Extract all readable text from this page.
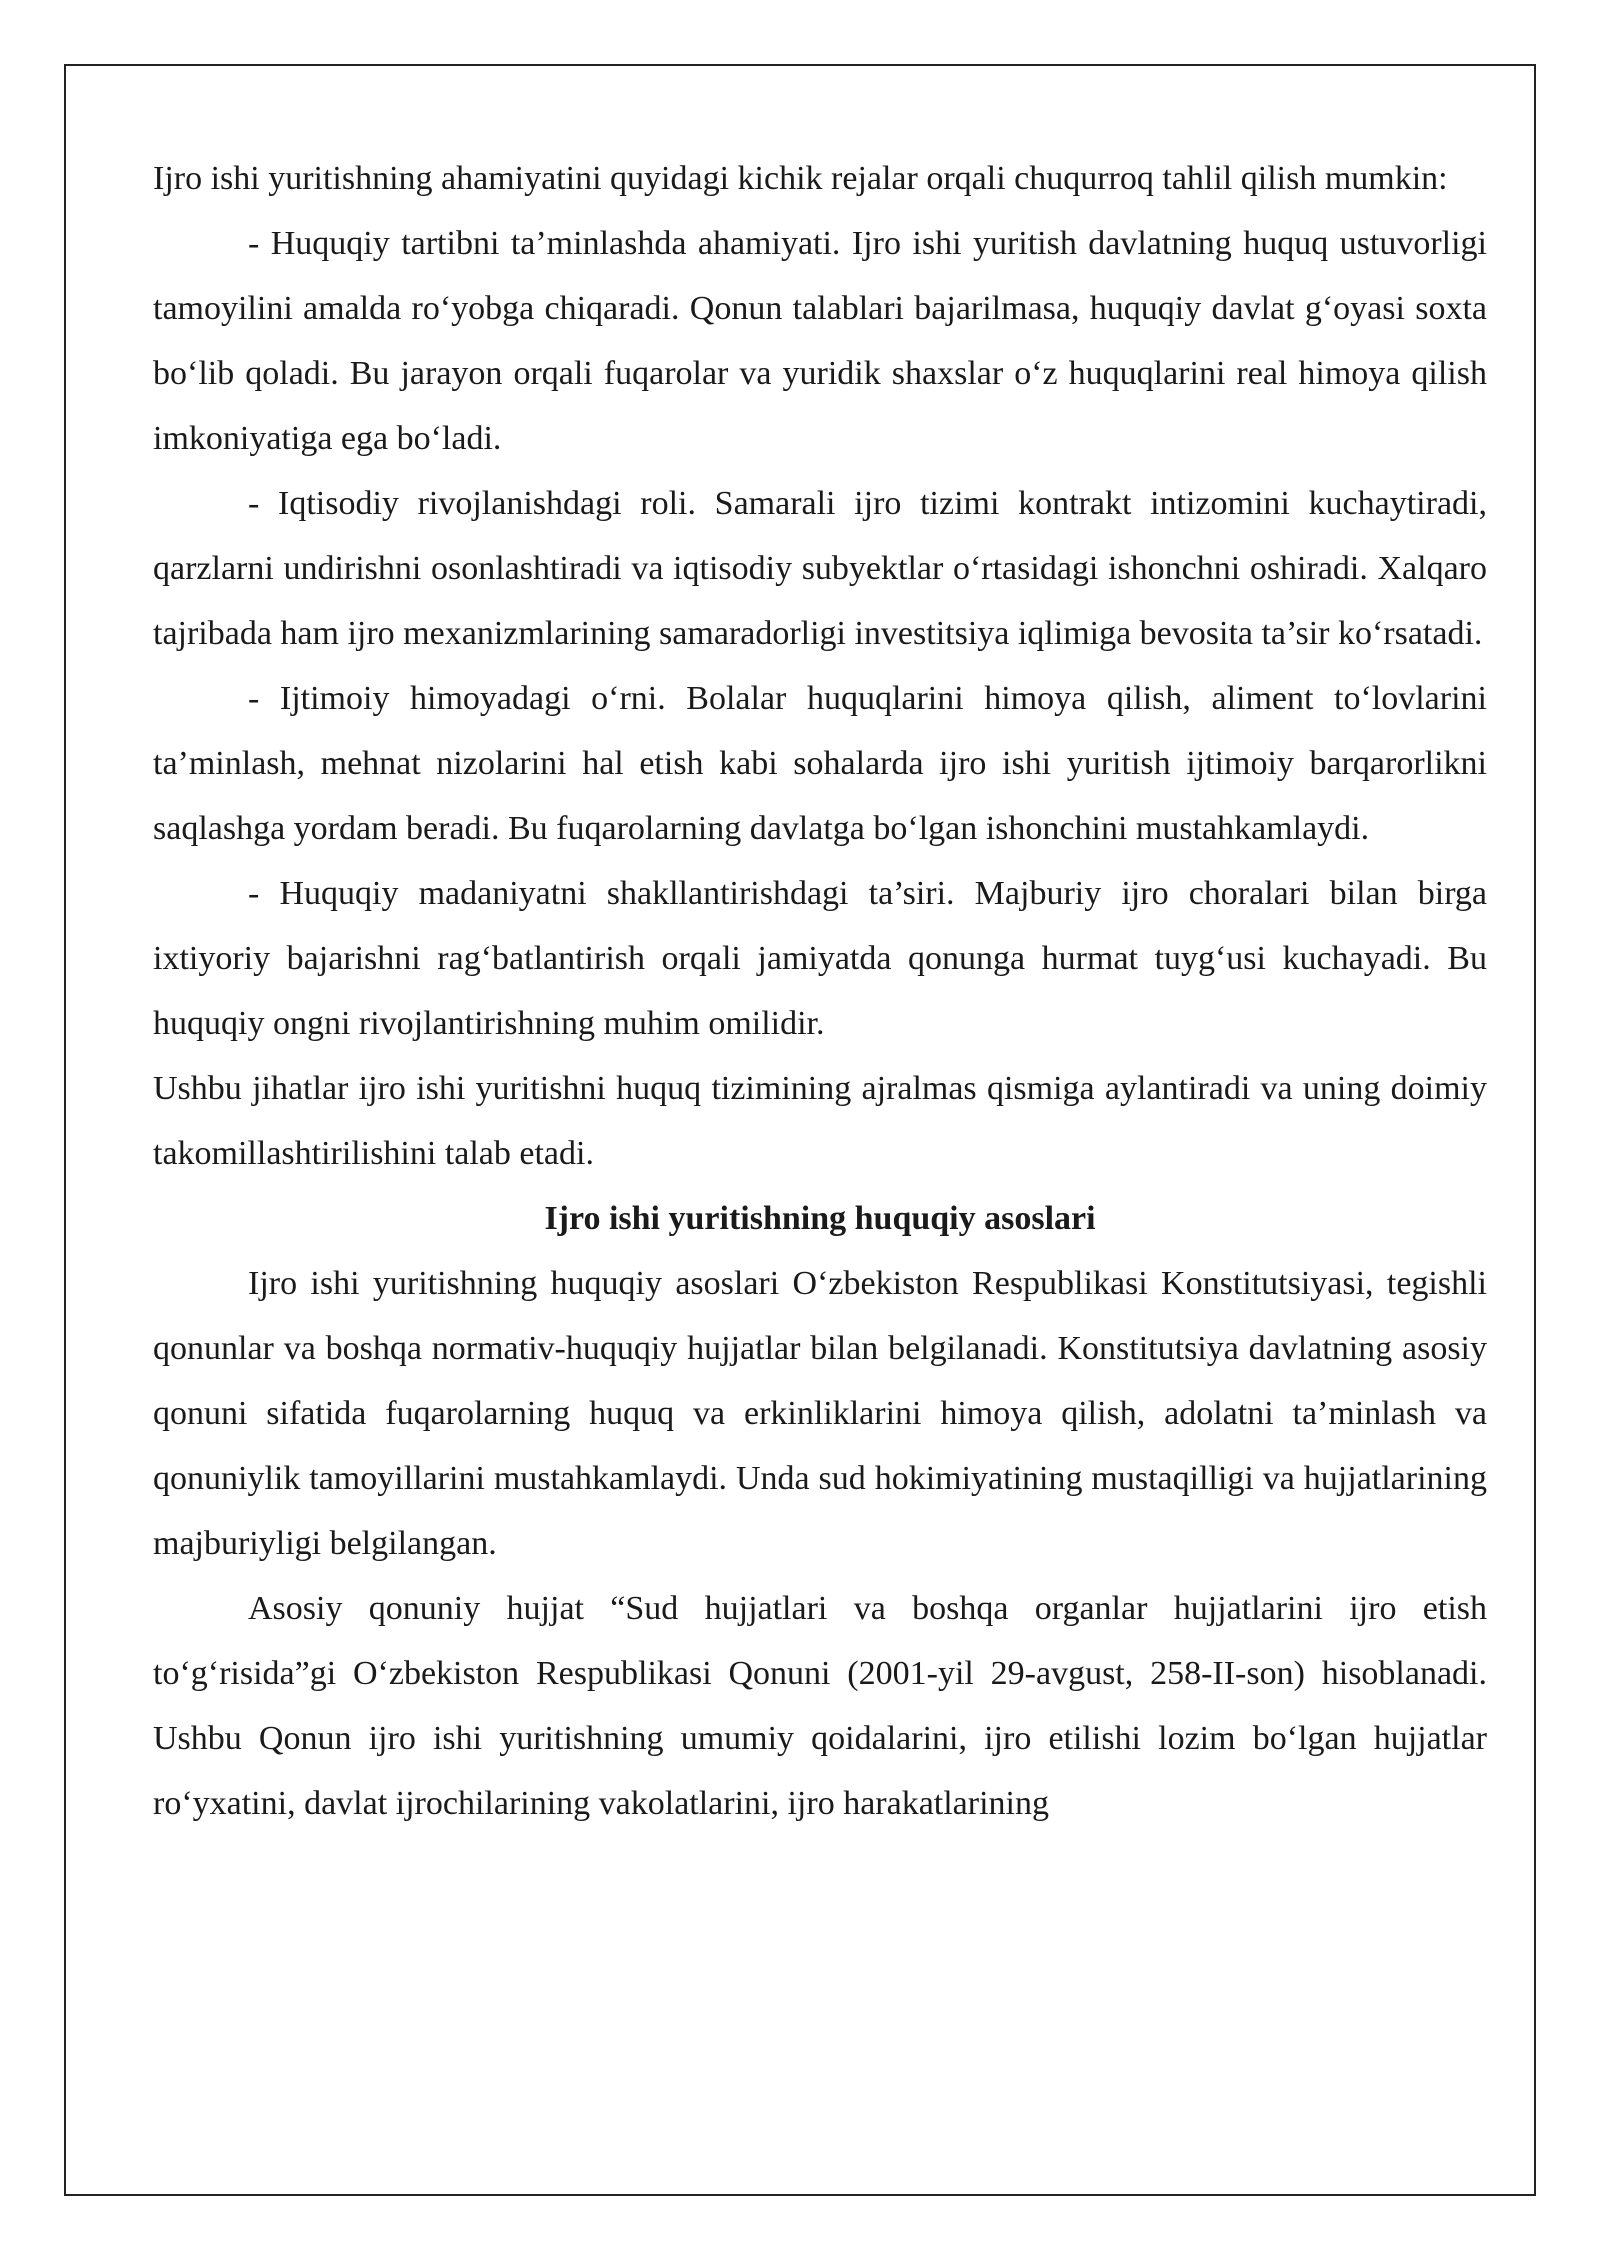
Ijro ishi yuritishning ahamiyatini quyidagi kichik rejalar orqali chuqurroq tahlil qilish mumkin:

- Huquqiy tartibni ta’minlashda ahamiyati. Ijro ishi yuritish davlatning huquq ustuvorligi tamoyilini amalda ro‘yobga chiqaradi. Qonun talablari bajarilmasa, huquqiy davlat g‘oyasi soxta bo‘lib qoladi. Bu jarayon orqali fuqarolar va yuridik shaxslar o‘z huquqlarini real himoya qilish imkoniyatiga ega bo‘ladi.

- Iqtisodiy rivojlanishdagi roli. Samarali ijro tizimi kontrakt intizomini kuchaytiradi, qarzlarni undirishni osonlashtiradi va iqtisodiy subyektlar o‘rtasidagi ishonchni oshiradi. Xalqaro tajribada ham ijro mexanizmlarining samaradorligi investitsiya iqlimiga bevosita ta’sir ko‘rsatadi.

- Ijtimoiy himoyadagi o‘rni. Bolalar huquqlarini himoya qilish, aliment to‘lovlarini ta’minlash, mehnat nizolarini hal etish kabi sohalarda ijro ishi yuritish ijtimoiy barqarorlikni saqlashga yordam beradi. Bu fuqarolarning davlatga bo‘lgan ishonchini mustahkamlaydi.

- Huquqiy madaniyatni shakllantirishdagi ta’siri. Majburiy ijro choralari bilan birga ixtiyoriy bajarishni rag‘batlantirish orqali jamiyatda qonunga hurmat tuyg‘usi kuchayadi. Bu huquqiy ongni rivojlantirishning muhim omilidir.

Ushbu jihatlar ijro ishi yuritishni huquq tizimining ajralmas qismiga aylantiradi va uning doimiy takomillashtirilishini talab etadi.

Ijro ishi yuritishning huquqiy asoslari

Ijro ishi yuritishning huquqiy asoslari O‘zbekiston Respublikasi Konstitutsiyasi, tegishli qonunlar va boshqa normativ-huquqiy hujjatlar bilan belgilanadi. Konstitutsiya davlatning asosiy qonuni sifatida fuqarolarning huquq va erkinliklarini himoya qilish, adolatni ta’minlash va qonuniylik tamoyillarini mustahkamlaydi. Unda sud hokimiyatining mustaqilligi va hujjatlarining majburiyligi belgilangan.

Asosiy qonuniy hujjat “Sud hujjatlari va boshqa organlar hujjatlarini ijro etish to‘g‘risida”gi O‘zbekiston Respublikasi Qonuni (2001-yil 29-avgust, 258-II-son) hisoblanadi. Ushbu Qonun ijro ishi yuritishning umumiy qoidalarini, ijro etilishi lozim bo‘lgan hujjatlar ro‘yxatini, davlat ijrochilarining vakolatlarini, ijro harakatlarining
